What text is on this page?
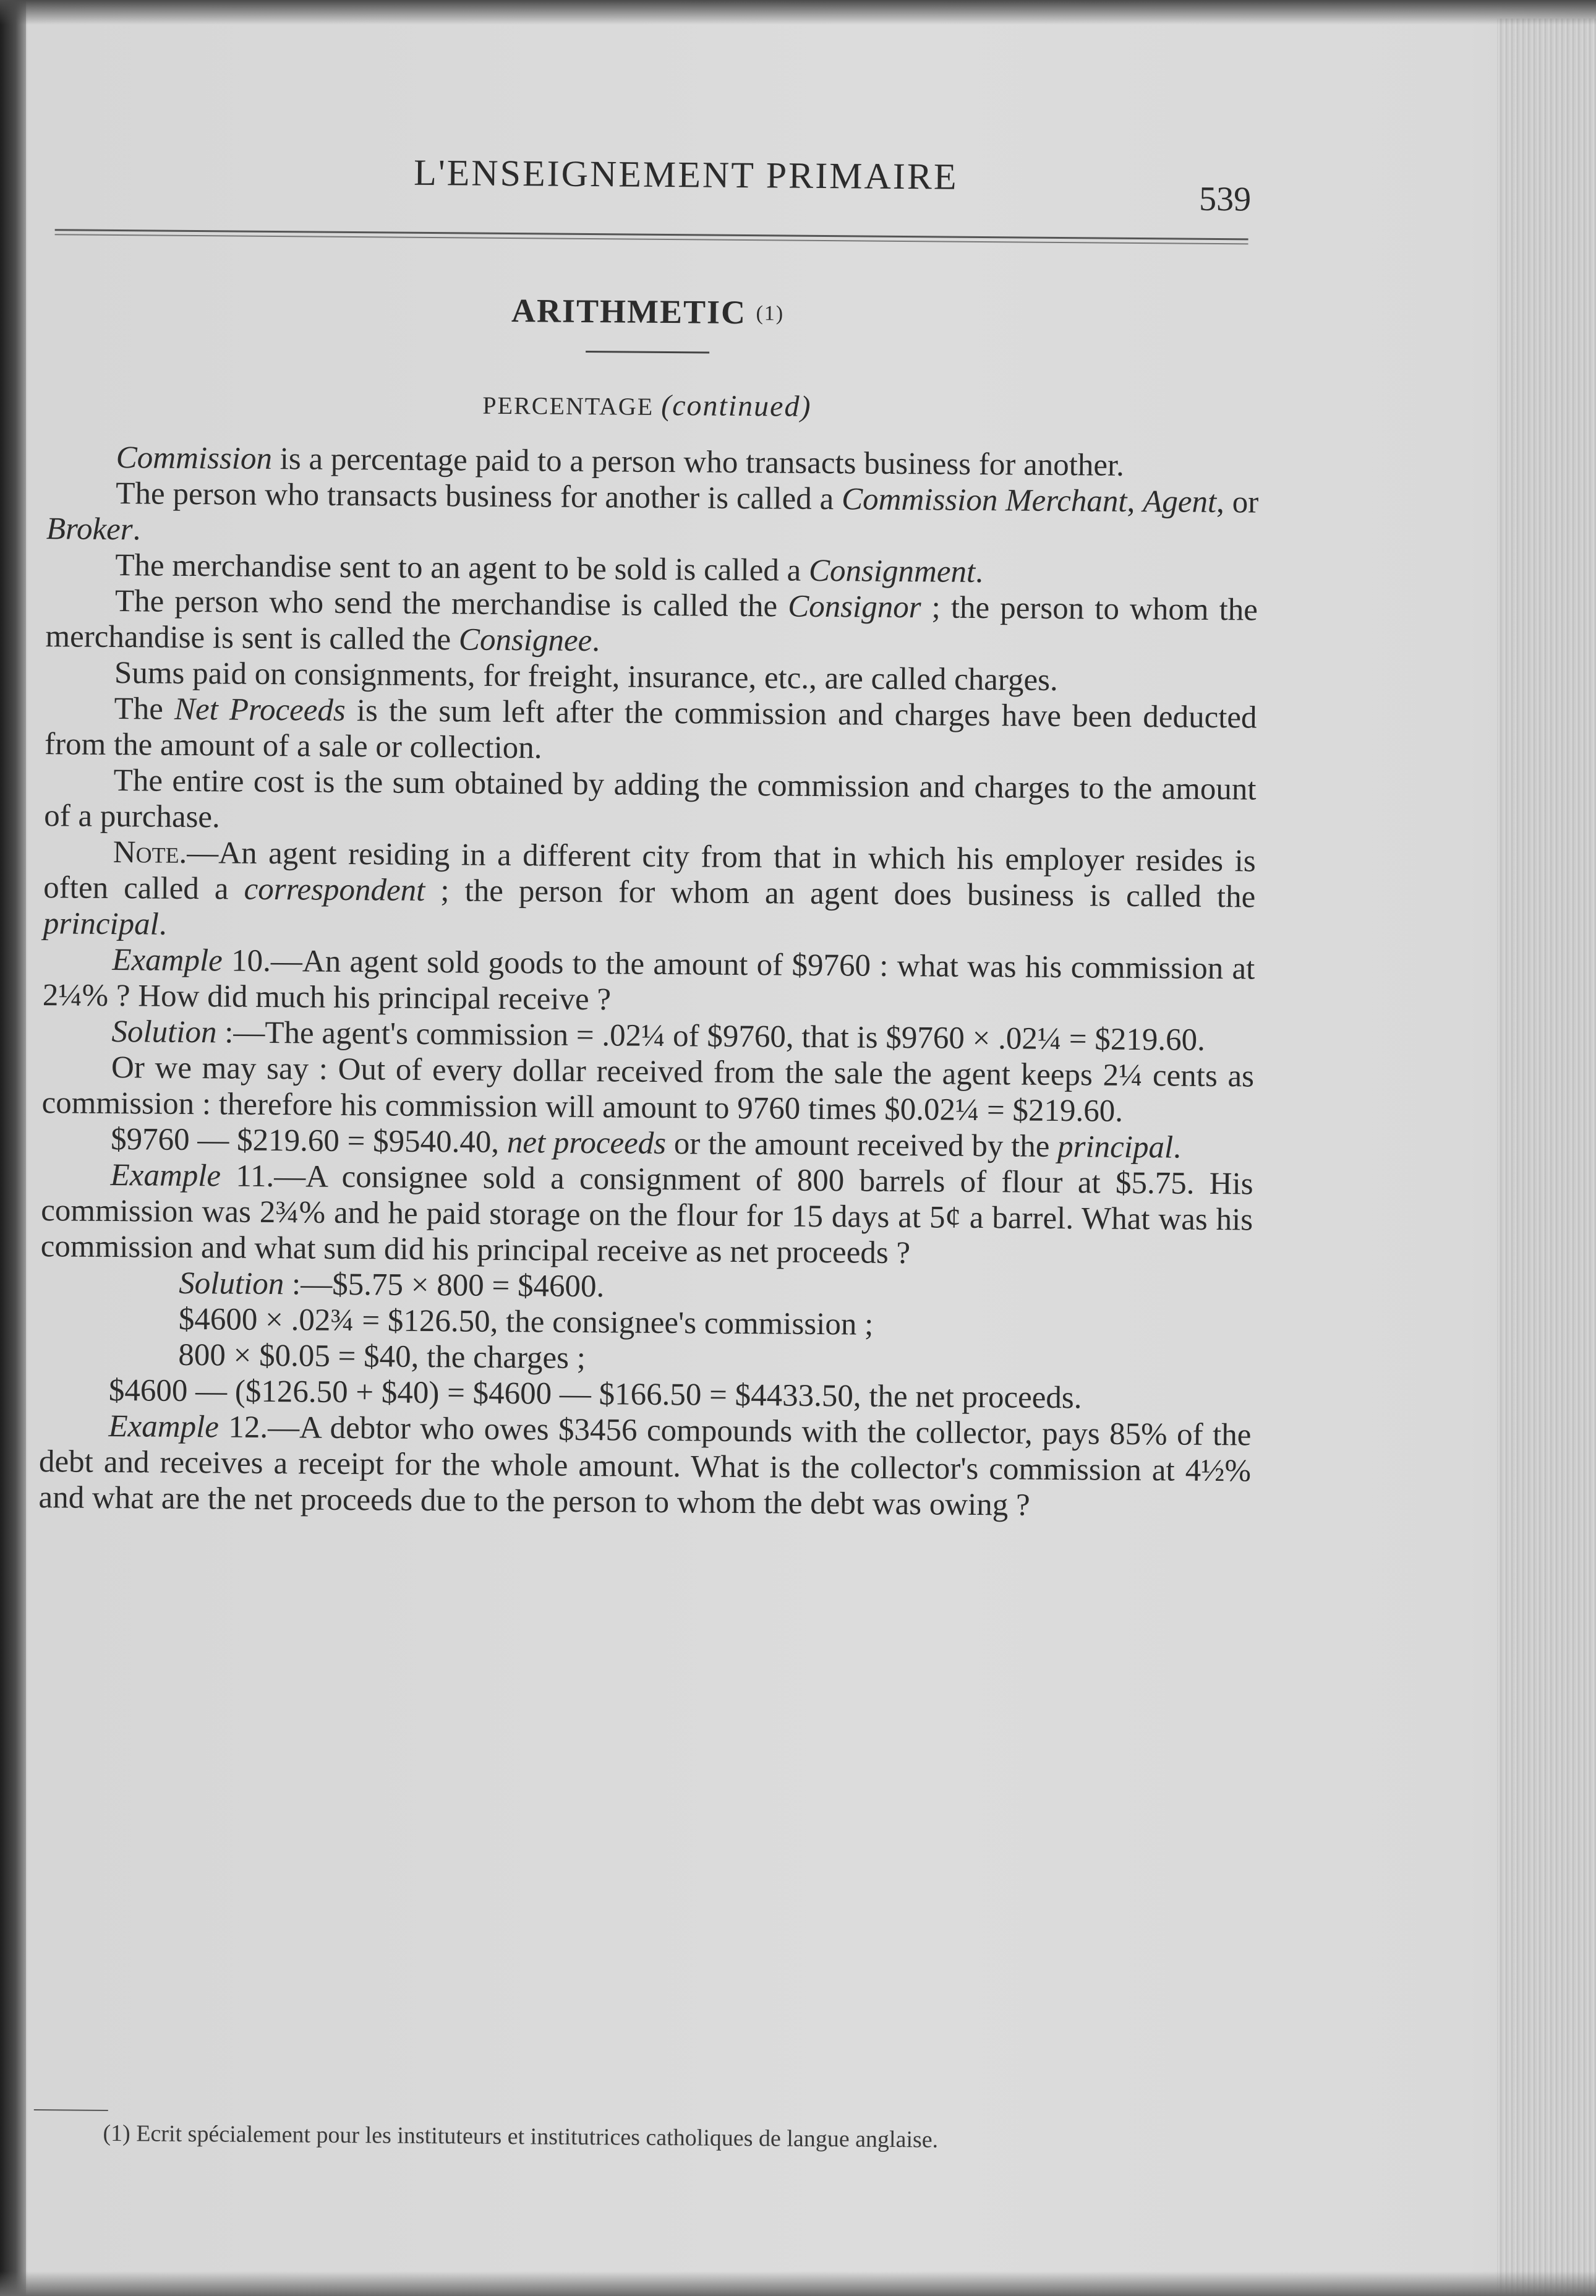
L'ENSEIGNEMENT PRIMAIRE
539
ARITHMETIC (1)
PERCENTAGE (continued)

Commission is a percentage paid to a person who transacts business for another.

The person who transacts business for another is called a Commission Merchant, Agent, or Broker.

The merchandise sent to an agent to be sold is called a Consignment.

The person who send the merchandise is called the Consignor ; the person to whom the merchandise is sent is called the Consignee.

Sums paid on consignments, for freight, insurance, etc., are called charges.

The Net Proceeds is the sum left after the commission and charges have been deducted from the amount of a sale or collection.

The entire cost is the sum obtained by adding the commission and charges to the amount of a purchase.

Note.—An agent residing in a different city from that in which his employer resides is often called a correspondent ; the person for whom an agent does business is called the principal.

Example 10.—An agent sold goods to the amount of $9760 : what was his commission at 2¼% ? How did much his principal receive ?

Solution :—The agent's commission = .02¼ of $9760, that is $9760 × .02¼ = $219.60.

Or we may say : Out of every dollar received from the sale the agent keeps 2¼ cents as commission : therefore his commission will amount to 9760 times $0.02¼ = $219.60.

$9760 — $219.60 = $9540.40, net proceeds or the amount received by the principal.

Example 11.—A consignee sold a consignment of 800 barrels of flour at $5.75. His commission was 2¾% and he paid storage on the flour for 15 days at 5¢ a barrel. What was his commission and what sum did his principal receive as net proceeds ?

Solution :—$5.75 × 800 = $4600.

$4600 × .02¾ = $126.50, the consignee's commission ;

800 × $0.05 = $40, the charges ;

$4600 — ($126.50 + $40) = $4600 — $166.50 = $4433.50, the net proceeds.

Example 12.—A debtor who owes $3456 compounds with the collector, pays 85% of the debt and receives a receipt for the whole amount. What is the collector's commission at 4½% and what are the net proceeds due to the person to whom the debt was owing ?

(1) Ecrit spécialement pour les instituteurs et institutrices catholiques de langue anglaise.
